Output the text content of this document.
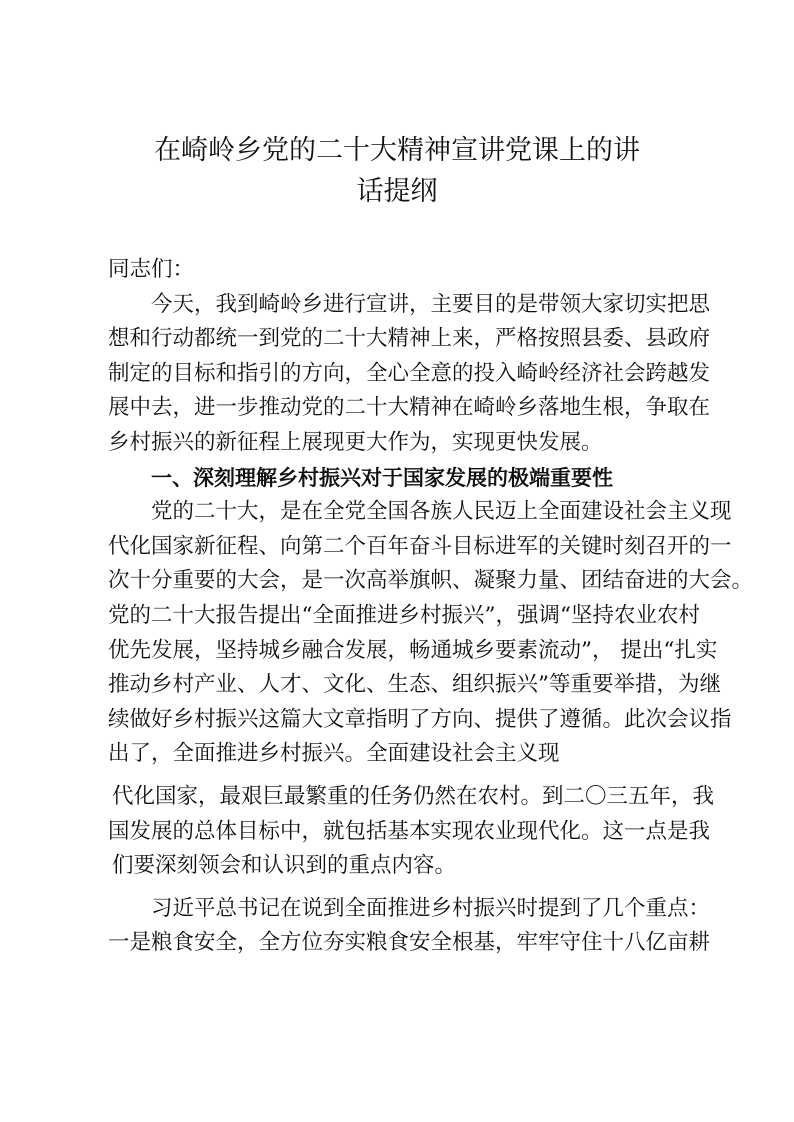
在崎岭乡党的二十大精神宣讲党课上的讲
话提纲
同志们：
今天，我到崎岭乡进行宣讲，主要目的是带领大家切实把思
想和行动都统一到党的二十大精神上来，严格按照县委、县政府
制定的目标和指引的方向，全心全意的投入崎岭经济社会跨越发
展中去，进一步推动党的二十大精神在崎岭乡落地生根，争取在
乡村振兴的新征程上展现更大作为，实现更快发展。
一、深刻理解乡村振兴对于国家发展的极端重要性
党的二十大，是在全党全国各族人民迈上全面建设社会主义现
代化国家新征程、向第二个百年奋斗目标进军的关键时刻召开的一
次十分重要的大会，是一次高举旗帜、凝聚力量、团结奋进的大会。
党的二十大报告提出“全面推进乡村振兴”，强调“坚持农业农村
优先发展，坚持城乡融合发展，畅通城乡要素流动”， 提出“扎实
推动乡村产业、人才、文化、生态、组织振兴”等重要举措，为继
续做好乡村振兴这篇大文章指明了方向、提供了遵循。此次会议指
出了，全面推进乡村振兴。全面建设社会主义现
代化国家，最艰巨最繁重的任务仍然在农村。到二〇三五年，我
国发展的总体目标中，就包括基本实现农业现代化。这一点是我
们要深刻领会和认识到的重点内容。
习近平总书记在说到全面推进乡村振兴时提到了几个重点：
一是粮食安全，全方位夯实粮食安全根基，牢牢守住十八亿亩耕
